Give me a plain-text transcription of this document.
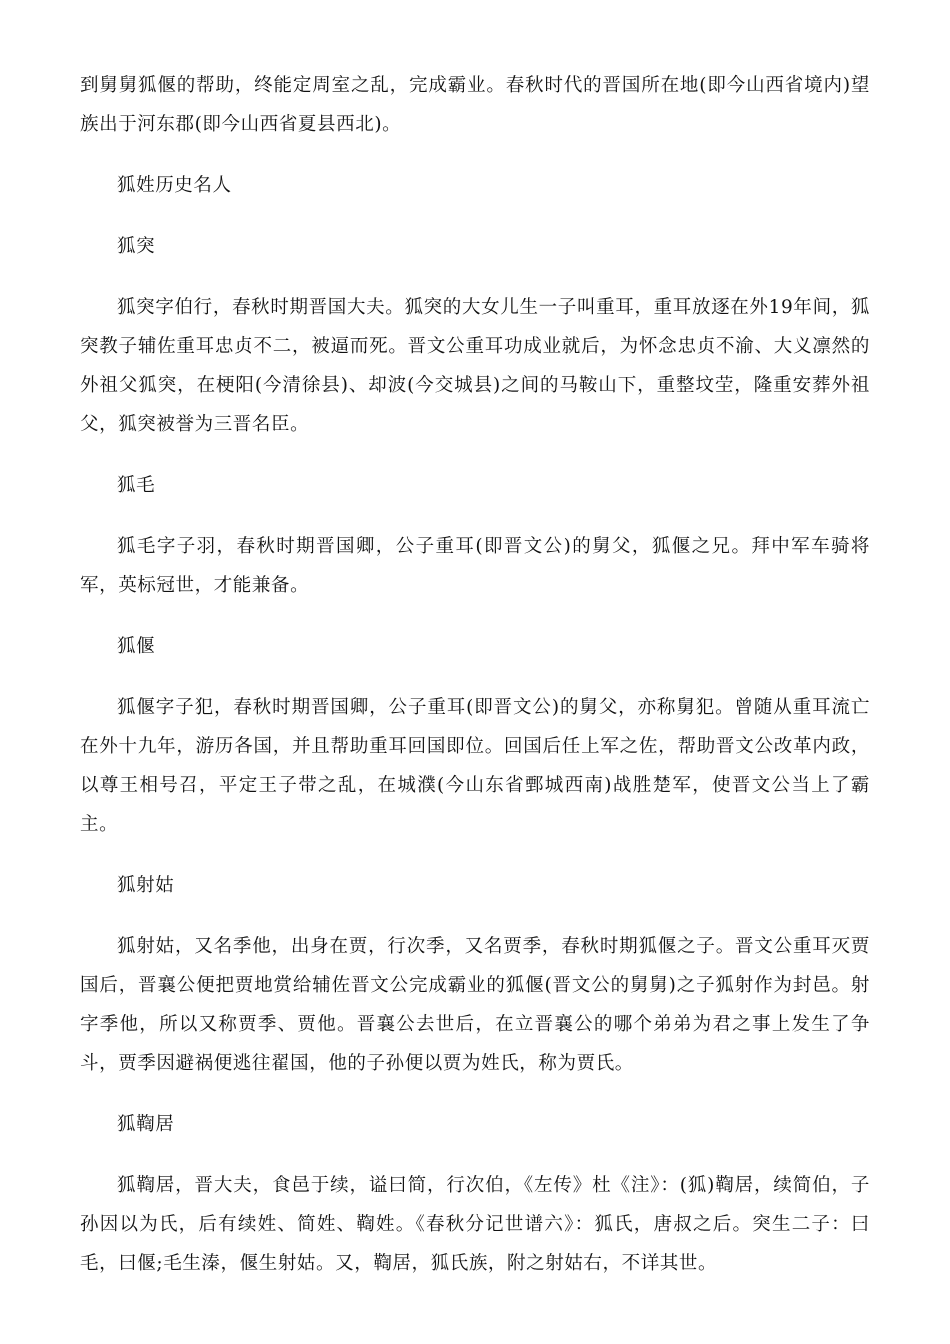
到舅舅狐偃的帮助，终能定周室之乱，完成霸业。春秋时代的晋国所在地(即今山西省境内)望族出于河东郡(即今山西省夏县西北)。

狐姓历史名人

狐突

狐突字伯行，春秋时期晋国大夫。狐突的大女儿生一子叫重耳，重耳放逐在外19年间，狐突教子辅佐重耳忠贞不二，被逼而死。晋文公重耳功成业就后，为怀念忠贞不渝、大义凛然的外祖父狐突，在梗阳(今清徐县)、却波(今交城县)之间的马鞍山下，重整坟茔，隆重安葬外祖父，狐突被誉为三晋名臣。

狐毛

狐毛字子羽，春秋时期晋国卿，公子重耳(即晋文公)的舅父，狐偃之兄。拜中军车骑将军，英标冠世，才能兼备。

狐偃

狐偃字子犯，春秋时期晋国卿，公子重耳(即晋文公)的舅父，亦称舅犯。曾随从重耳流亡在外十九年，游历各国，并且帮助重耳回国即位。回国后任上军之佐，帮助晋文公改革内政，以尊王相号召，平定王子带之乱，在城濮(今山东省鄄城西南)战胜楚军，使晋文公当上了霸主。

狐射姑

狐射姑，又名季他，出身在贾，行次季，又名贾季，春秋时期狐偃之子。晋文公重耳灭贾国后，晋襄公便把贾地赏给辅佐晋文公完成霸业的狐偃(晋文公的舅舅)之子狐射作为封邑。射字季他，所以又称贾季、贾他。晋襄公去世后，在立晋襄公的哪个弟弟为君之事上发生了争斗，贾季因避祸便逃往翟国，他的子孙便以贾为姓氏，称为贾氏。

狐鞫居

狐鞫居，晋大夫，食邑于续，谥曰简，行次伯，《左传》杜《注》：(狐)鞫居，续简伯，子孙因以为氏，后有续姓、简姓、鞫姓。《春秋分记世谱六》：狐氏，唐叔之后。突生二子：曰毛，曰偃;毛生溱，偃生射姑。又，鞫居，狐氏族，附之射姑右，不详其世。
